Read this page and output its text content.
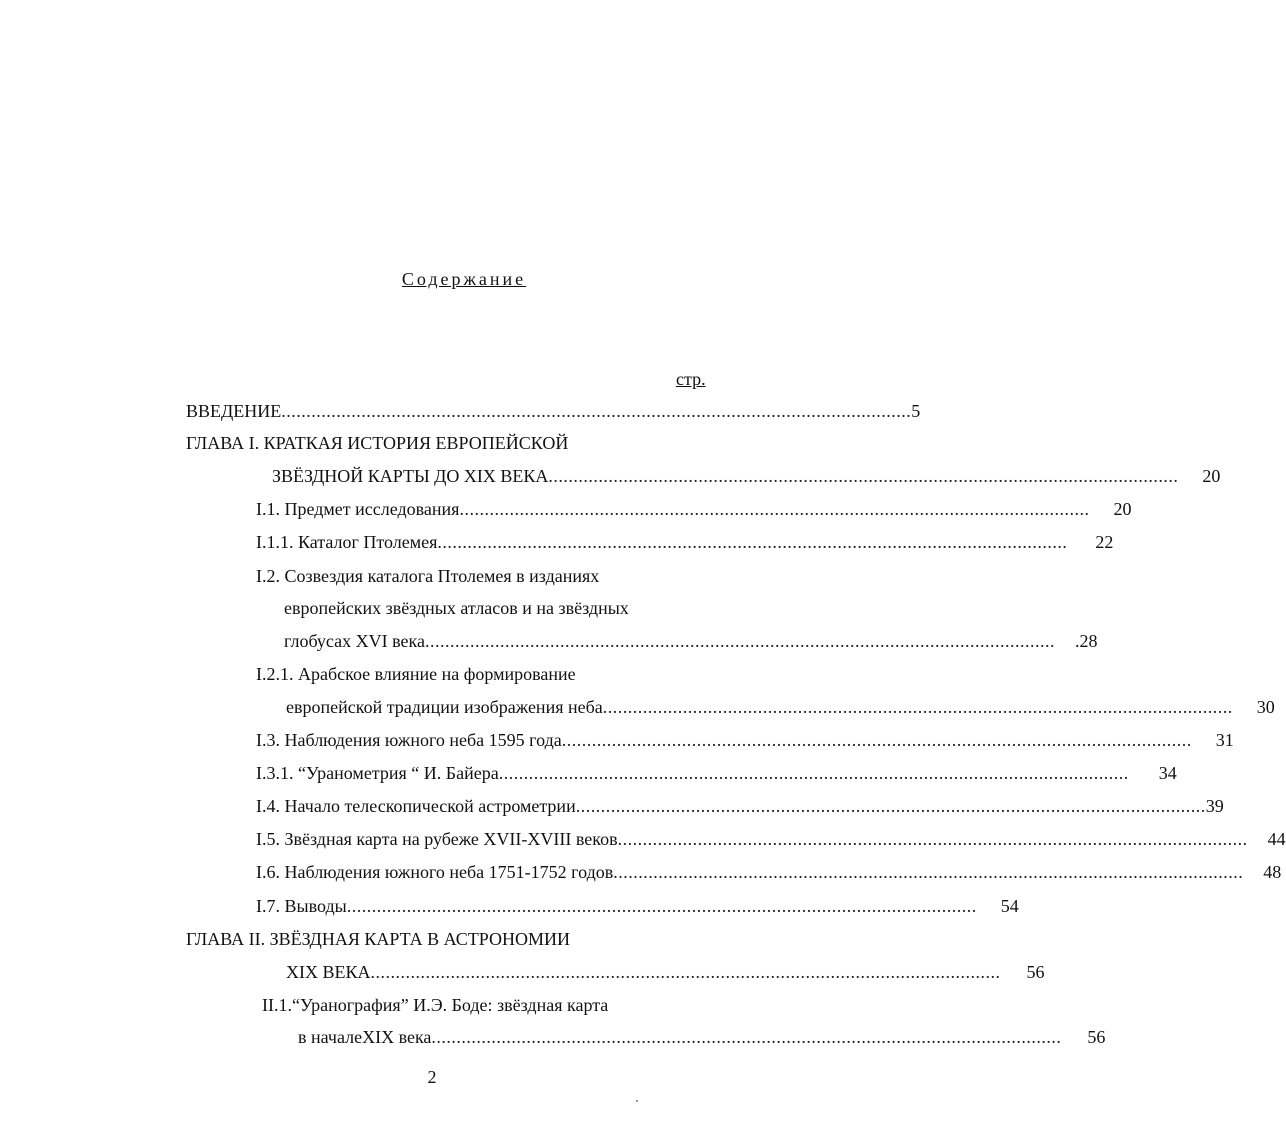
Содержание
стр.
ВВЕДЕНИЕ .............................................................................................................................. 5
ГЛАВА I. КРАТКАЯ ИСТОРИЯ ЕВРОПЕЙСКОЙ
ЗВЁЗДНОЙ КАРТЫ ДО XIX ВЕКА .............................................................................................................................. 20
I.1. Предмет исследования .............................................................................................................................. 20
I.1.1. Каталог Птолемея .............................................................................................................................. 22
I.2. Созвездия каталога Птолемея в изданиях
европейских звёздных атласов и на звёздных
глобусах XVI века .............................................................................................................................. .28
I.2.1. Арабское влияние на формирование
европейской традиции изображения неба .............................................................................................................................. 30
I.3. Наблюдения южного неба 1595 года .............................................................................................................................. 31
I.3.1. “Уранометрия “ И. Байера .............................................................................................................................. 34
I.4. Начало телескопической астрометрии .............................................................................................................................. 39
I.5. Звёздная карта на рубеже XVII-XVIII веков .............................................................................................................................. 44
I.6. Наблюдения южного неба 1751-1752 годов .............................................................................................................................. 48
I.7. Выводы .............................................................................................................................. 54
ГЛАВА II. ЗВЁЗДНАЯ КАРТА В АСТРОНОМИИ
XIX ВЕКА .............................................................................................................................. 56
II.1.“Уранография” И.Э. Боде: звёздная карта
в началеXIX века .............................................................................................................................. 56
2
